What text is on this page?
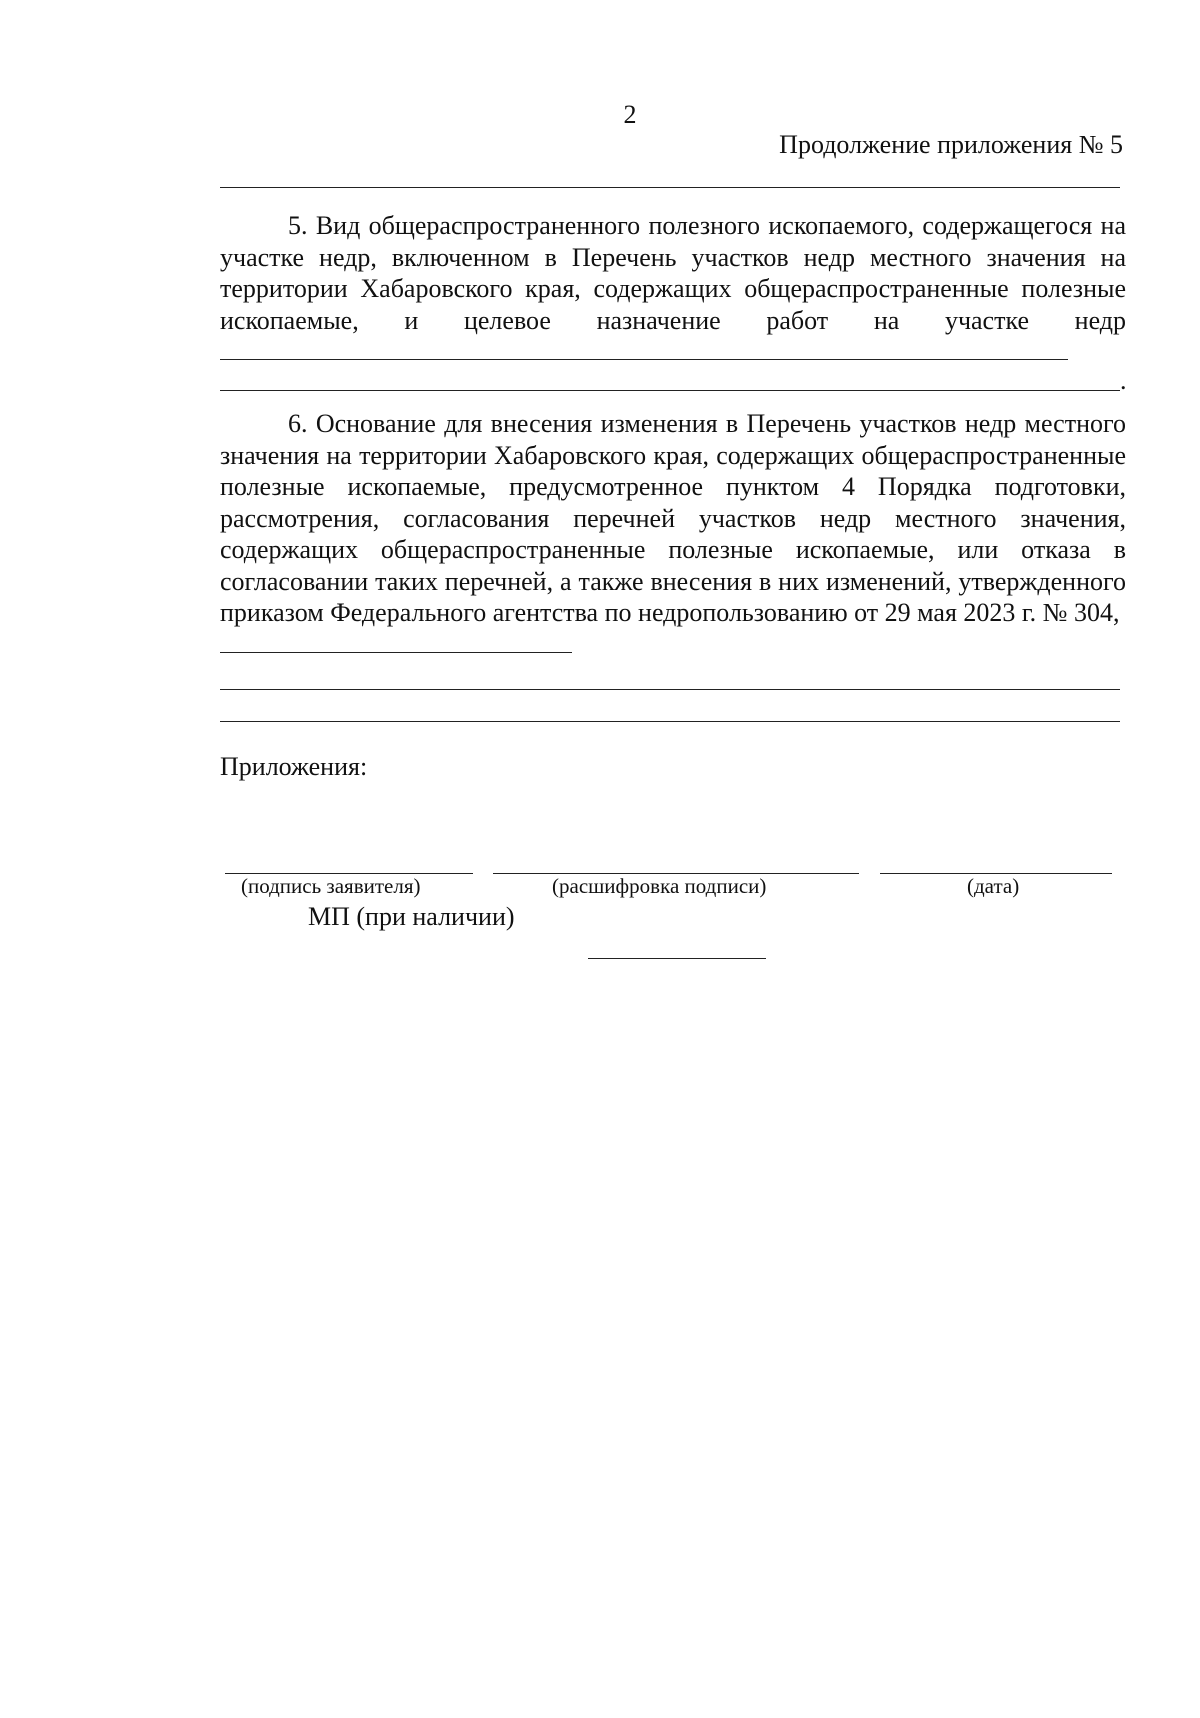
2
Продолжение приложения № 5

5. Вид общераспространенного полезного ископаемого, содержащегося на участке недр, включенном в Перечень участков недр местного значения на территории Хабаровского края, содержащих общераспространенные полезные ископаемые, и целевое назначение работ на участке недр

.

6. Основание для внесения изменения в Перечень участков недр местного значения на территории Хабаровского края, содержащих общераспространенные полезные ископаемые, предусмотренное пунктом 4 Порядка подготовки, рассмотрения, согласования перечней участков недр местного значения, содержащих общераспространенные полезные ископаемые, или отказа в согласовании таких перечней, а также внесения в них изменений, утвержденного приказом Федерального агентства по недропользованию от 29 мая 2023 г. № 304,

Приложения:
(подпись заявителя)	(расшифровка подписи)	(дата)
МП (при наличии)
